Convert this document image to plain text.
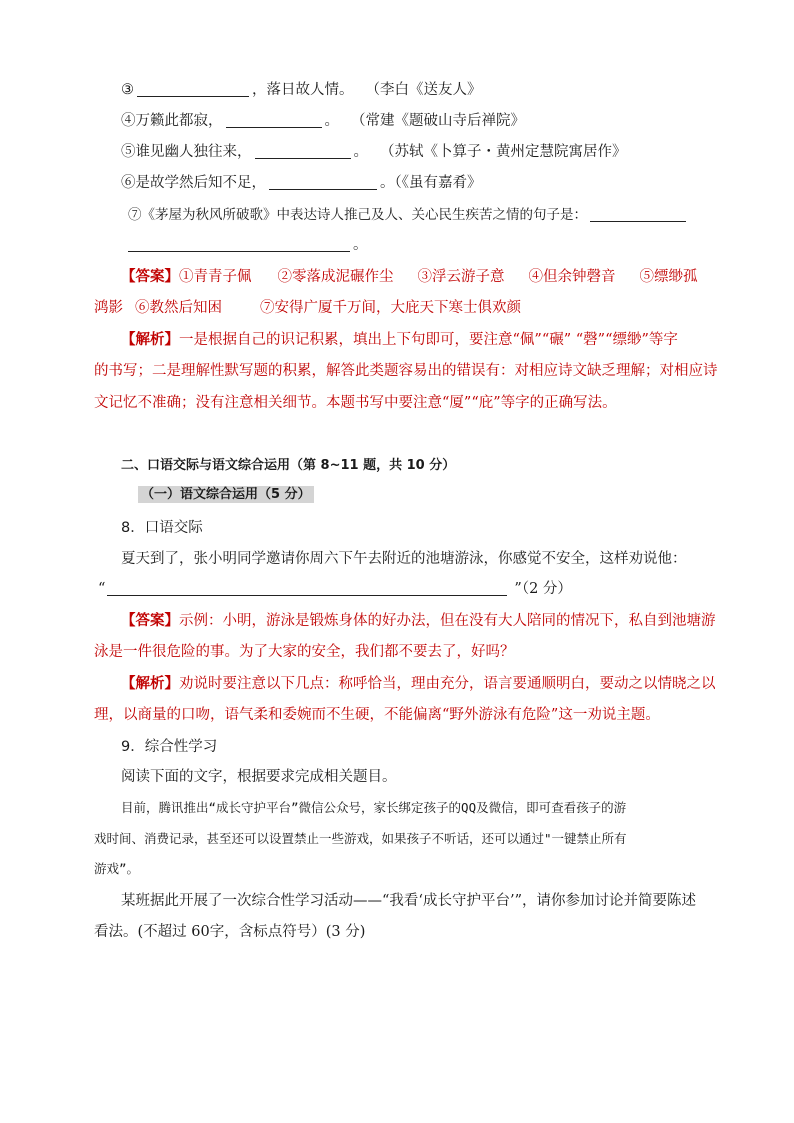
③	，落日故人情。 （李白《送友人》
④万籁此都寂，	。 （常建《题破山寺后禅院》
⑤谁见幽人独往来，	。 （苏轼《卜算子・黄州定慧院寓居作》
⑥是故学然后知不足，	。（《虽有嘉肴》
⑦《茅屋为秋风所破歌》中表达诗人推己及人、关心民生疾苦之情的句子是：
。
【答案】①青青子佩 ②零落成泥碾作尘 ③浮云游子意 ④但余钟磬音 ⑤缥缈孤
鸿影 ⑥教然后知困	⑦安得广厦千万间，大庇天下寒士俱欢颜
【解析】一是根据自己的识记积累，填出上下句即可，要注意“佩”“碾” “磬”“缥缈”等字
的书写；二是理解性默写题的积累，解答此类题容易出的错误有：对相应诗文缺乏理解；对相应诗
文记忆不准确；没有注意相关细节。本题书写中要注意“厦”“庇”等字的正确写法。
二、口语交际与语文综合运用（第 8~11 题，共 10 分）
（一）语文综合运用（5 分）
8．口语交际
夏天到了，张小明同学邀请你周六下午去附近的池塘游泳，你感觉不安全，这样劝说他：
“	”（2 分）
【答案】示例：小明，游泳是锻炼身体的好办法，但在没有大人陪同的情况下，私自到池塘游
泳是一件很危险的事。为了大家的安全，我们都不要去了，好吗？
【解析】劝说时要注意以下几点：称呼恰当，理由充分，语言要通顺明白，要动之以情晓之以
理，以商量的口吻，语气柔和委婉而不生硬，不能偏离“野外游泳有危险”这一劝说主题。
9．综合性学习
阅读下面的文字，根据要求完成相关题目。
目前，腾讯推出“成长守护平台”微信公众号，家长绑定孩子的QQ及微信，即可查看孩子的游
戏时间、消费记录，甚至还可以设置禁止一些游戏，如果孩子不听话，还可以通过"一键禁止所有
游戏”。
某班据此开展了一次综合性学习活动——“我看‘成长守护平台’”，请你参加讨论并简要陈述
看法。(不超过 60字，含标点符号）(3 分)
